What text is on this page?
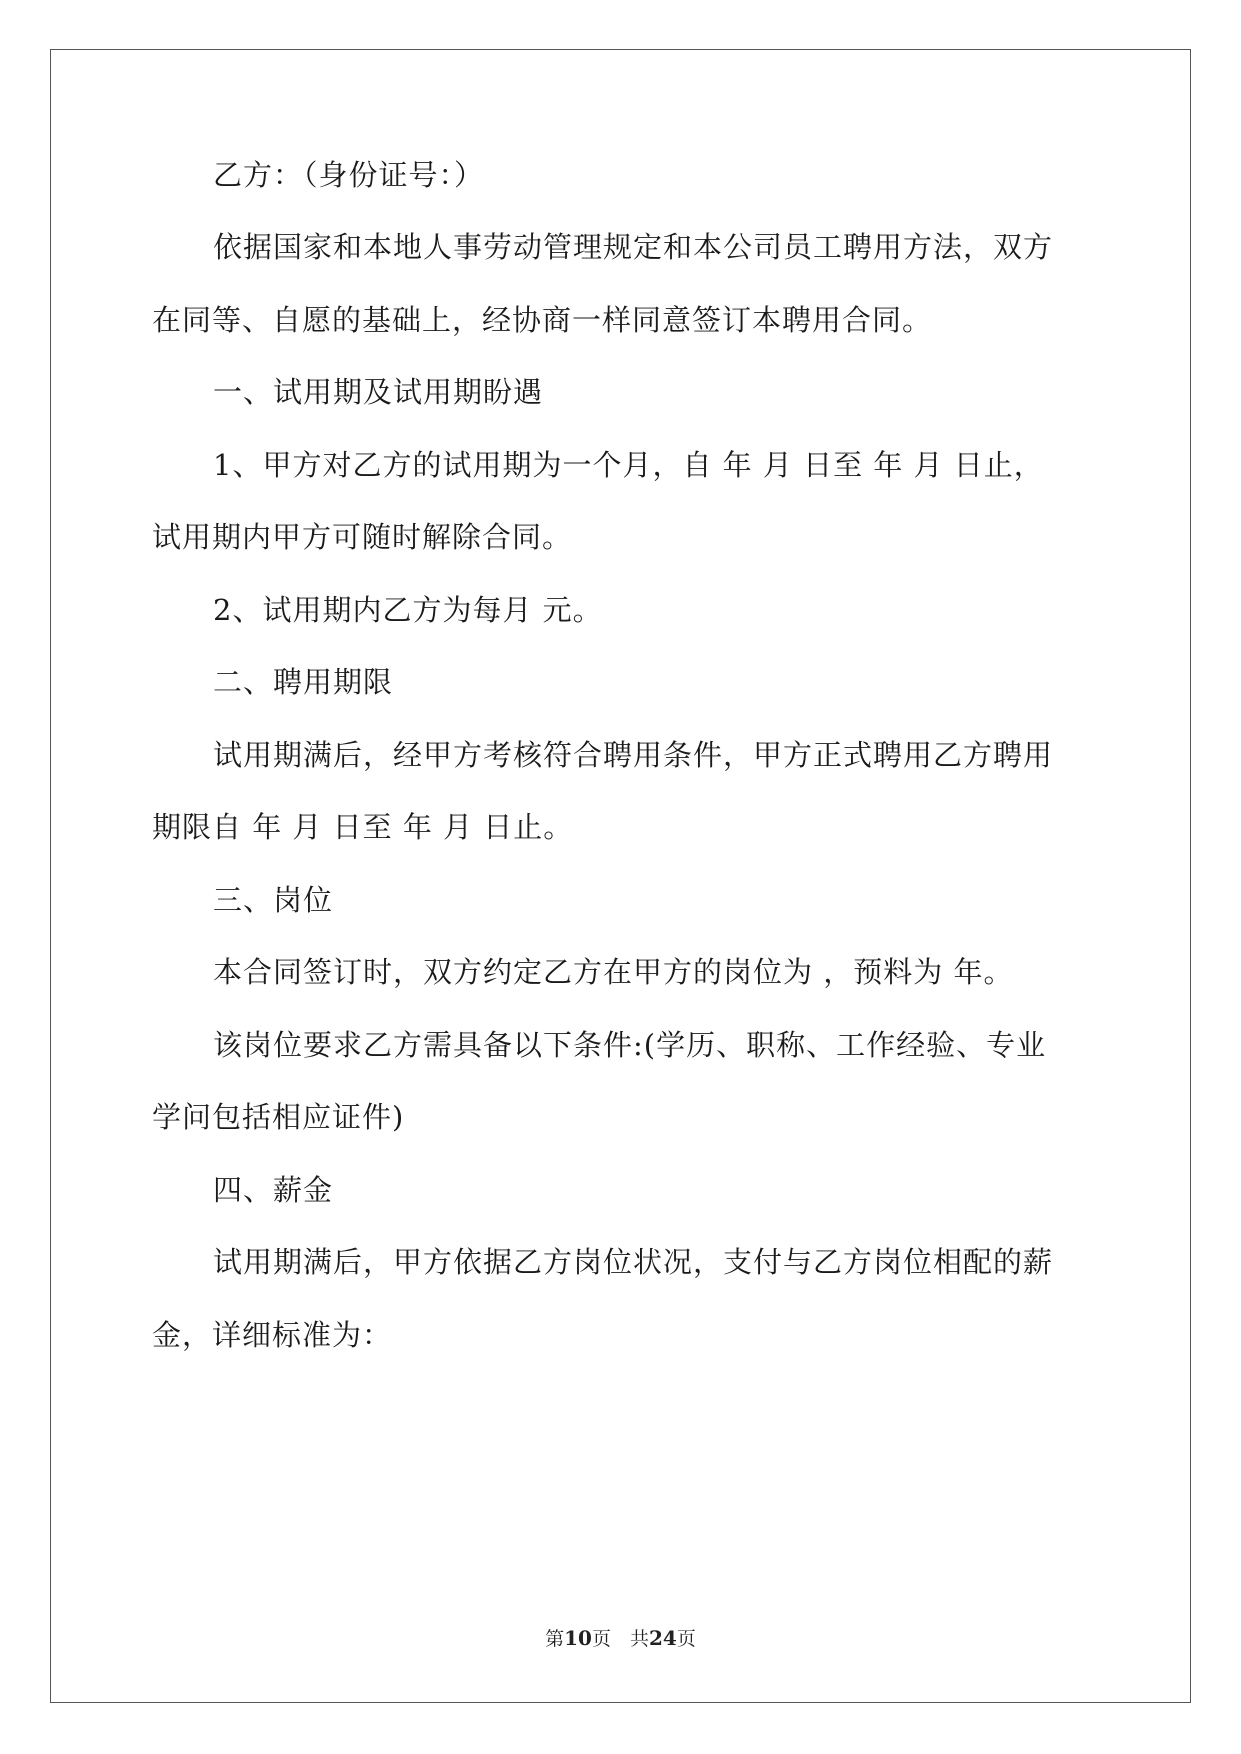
乙方：（身份证号：）
依据国家和本地人事劳动管理规定和本公司员工聘用方法，双方
在同等、自愿的基础上，经协商一样同意签订本聘用合同。
一、试用期及试用期盼遇
1、甲方对乙方的试用期为一个月，自 年 月 日至 年 月 日止，
试用期内甲方可随时解除合同。
2、试用期内乙方为每月 元。
二、聘用期限
试用期满后，经甲方考核符合聘用条件，甲方正式聘用乙方聘用
期限自 年 月 日至 年 月 日止。
三、岗位
本合同签订时，双方约定乙方在甲方的岗位为 ，预料为 年。
该岗位要求乙方需具备以下条件:(学历、职称、工作经验、专业
学问包括相应证件)
四、薪金
试用期满后，甲方依据乙方岗位状况，支付与乙方岗位相配的薪
金，详细标准为：
第10页　共24页
